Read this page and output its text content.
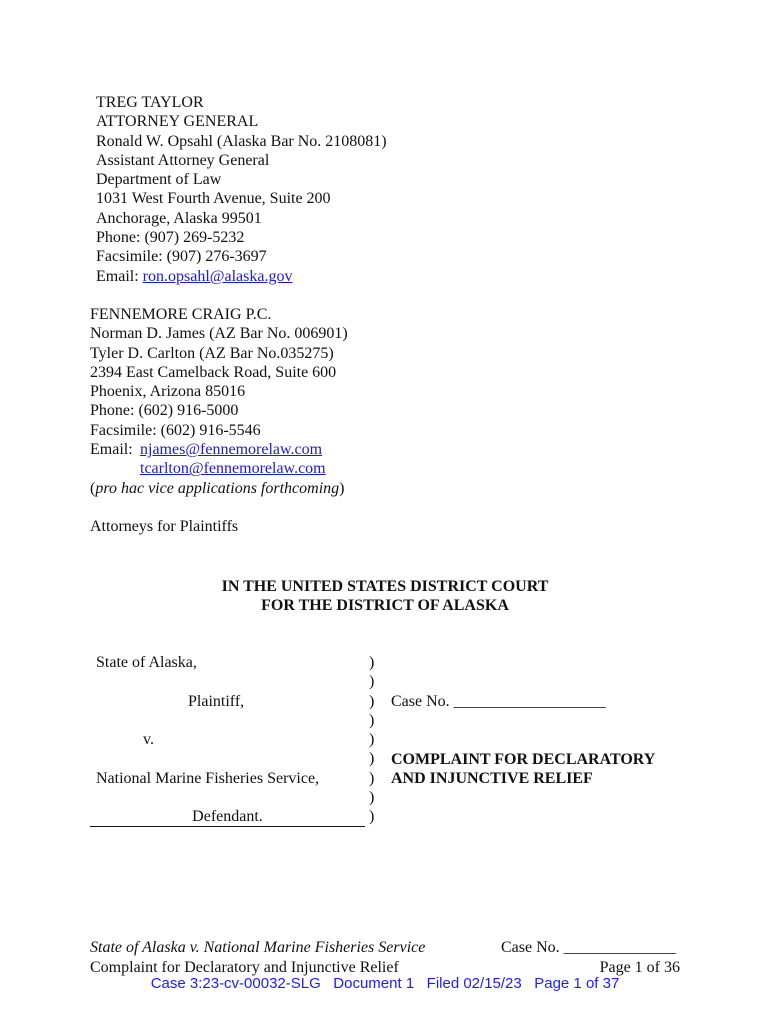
TREG TAYLOR
ATTORNEY GENERAL
Ronald W. Opsahl (Alaska Bar No. 2108081)
Assistant Attorney General
Department of Law
1031 West Fourth Avenue, Suite 200
Anchorage, Alaska 99501
Phone: (907) 269-5232
Facsimile: (907) 276-3697
Email: ron.opsahl@alaska.gov
FENNEMORE CRAIG P.C.
Norman D. James (AZ Bar No. 006901)
Tyler D. Carlton (AZ Bar No.035275)
2394 East Camelback Road, Suite 600
Phoenix, Arizona 85016
Phone: (602) 916-5000
Facsimile: (602) 916-5546
Email: njames@fennemorelaw.com
tcarlton@fennemorelaw.com
(pro hac vice applications forthcoming)
Attorneys for Plaintiffs
IN THE UNITED STATES DISTRICT COURT
FOR THE DISTRICT OF ALASKA
State of Alaska,
Plaintiff,
v.
National Marine Fisheries Service,
Defendant.
)
)
)
)
)
)
)
)
)
Case No. ___________________
COMPLAINT FOR DECLARATORY
AND INJUNCTIVE RELIEF
State of Alaska v. National Marine Fisheries Service	Case No. ______________
Complaint for Declaratory and Injunctive Relief	Page 1 of 36
Case 3:23-cv-00032-SLG Document 1 Filed 02/15/23 Page 1 of 37
